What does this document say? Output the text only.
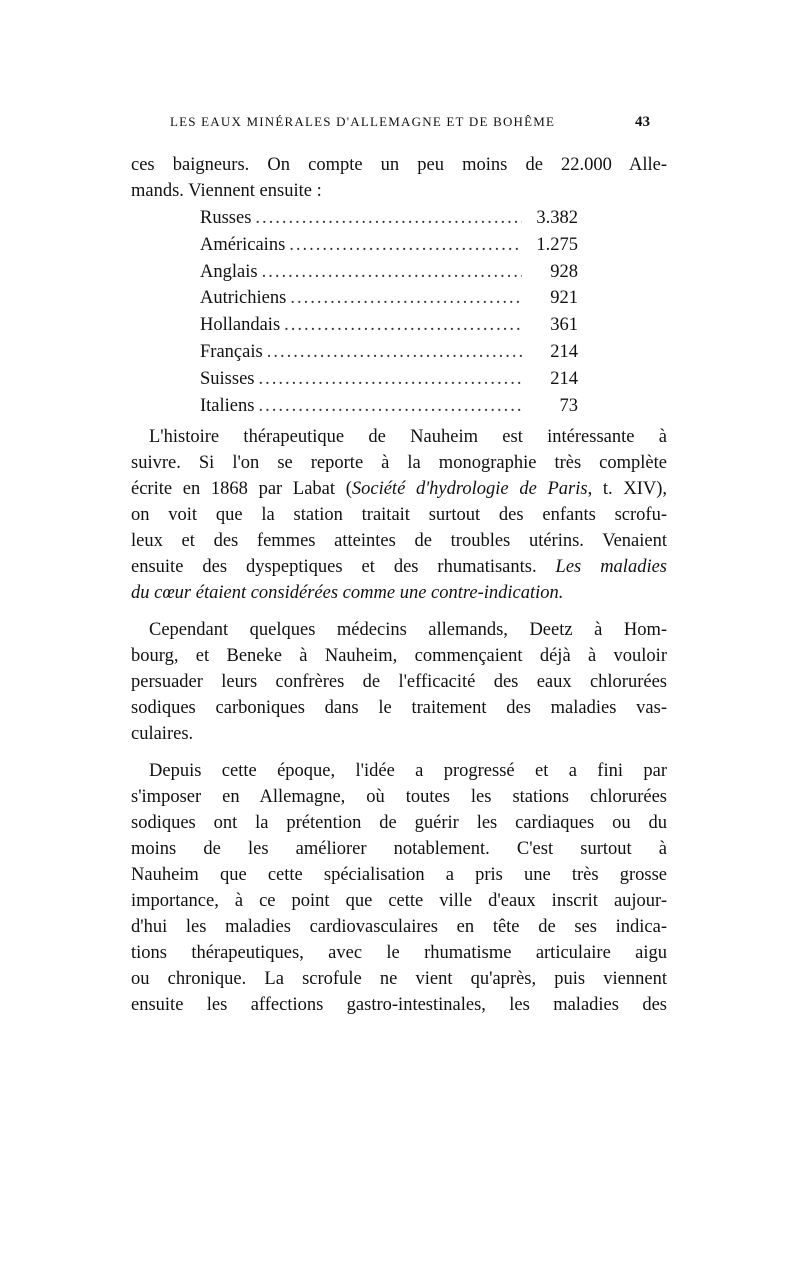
LES EAUX MINÉRALES D'ALLEMAGNE ET DE BOHÊME	43
ces baigneurs. On compte un peu moins de 22.000 Alle-
mands. Viennent ensuite :
Russes .....	3.382
Américains .....	1.275
Anglais .....	928
Autrichiens .....	921
Hollandais .....	361
Français .....	214
Suisses .....	214
Italiens .....	73
L'histoire thérapeutique de Nauheim est intéressante à
suivre. Si l'on se reporte à la monographie très complète
écrite en 1868 par Labat (Société d'hydrologie de Paris, t. XIV),
on voit que la station traitait surtout des enfants scrofu-
leux et des femmes atteintes de troubles utérins. Venaient
ensuite des dyspeptiques et des rhumatisants. Les maladies
du cœur étaient considérées comme une contre-indication.
Cependant quelques médecins allemands, Deetz à Hom-
bourg, et Beneke à Nauheim, commençaient déjà à vouloir
persuader leurs confrères de l'efficacité des eaux chlorurées
sodiques carboniques dans le traitement des maladies vas-
culaires.
Depuis cette époque, l'idée a progressé et a fini par
s'imposer en Allemagne, où toutes les stations chlorurées
sodiques ont la prétention de guérir les cardiaques ou du
moins de les améliorer notablement. C'est surtout à
Nauheim que cette spécialisation a pris une très grosse
importance, à ce point que cette ville d'eaux inscrit aujour-
d'hui les maladies cardiovasculaires en tête de ses indica-
tions thérapeutiques, avec le rhumatisme articulaire aigu
ou chronique. La scrofule ne vient qu'après, puis viennent
ensuite les affections gastro-intestinales, les maladies des
